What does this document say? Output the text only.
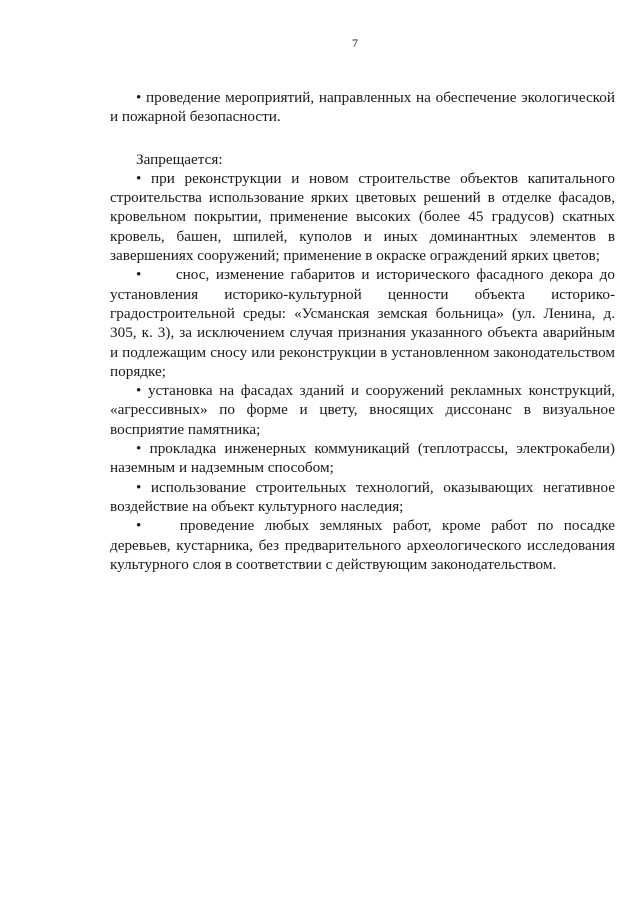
7

• проведение мероприятий, направленных на обеспечение экологической и пожарной безопасности.

Запрещается:

• при реконструкции и новом строительстве объектов капитального строительства использование ярких цветовых решений в отделке фасадов, кровельном покрытии, применение высоких (более 45 градусов) скатных кровель, башен, шпилей, куполов и иных доминантных элементов в завершениях сооружений; применение в окраске ограждений ярких цветов;

• снос, изменение габаритов и исторического фасадного декора до установления историко-культурной ценности объекта историко-градостроительной среды: «Усманская земская больница» (ул. Ленина, д. 305, к. 3), за исключением случая признания указанного объекта аварийным и подлежащим сносу или реконструкции в установленном законодательством порядке;

• установка на фасадах зданий и сооружений рекламных конструкций, «агрессивных» по форме и цвету, вносящих диссонанс в визуальное восприятие памятника;

• прокладка инженерных коммуникаций (теплотрассы, электрокабели) наземным и надземным способом;

• использование строительных технологий, оказывающих негативное воздействие на объект культурного наследия;

•	проведение любых земляных работ, кроме работ по посадке деревьев, кустарника, без предварительного археологического исследования культурного слоя в соответствии с действующим законодательством.
